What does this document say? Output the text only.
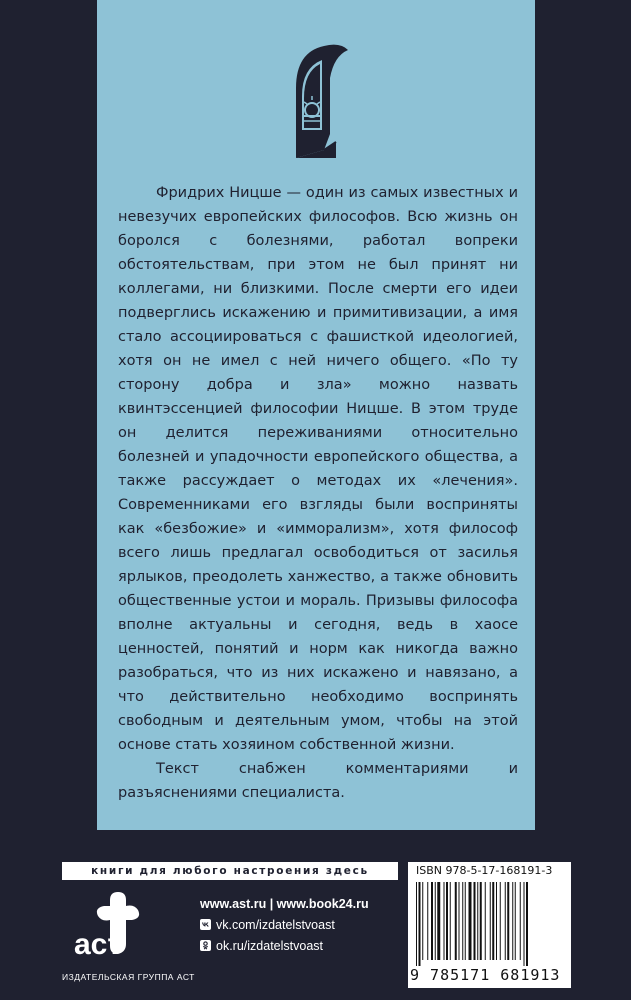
Фридрих Ницше — один из самых известных и невезучих европейских философов. Всю жизнь он боролся с болезнями, работал вопреки обстоятельствам, при этом не был принят ни коллегами, ни близкими. После смерти его идеи подверглись искажению и примитивизации, а имя стало ассоциироваться с фашисткой идеологией, хотя он не имел с ней ничего общего. «По ту сторону добра и зла» можно назвать квинтэссенцией философии Ницше. В этом труде он делится переживаниями относительно болезней и упадочности европейского общества, а также рассуждает о методах их «лечения». Современниками его взгляды были восприняты как «безбожие» и «имморализм», хотя философ всего лишь предлагал освободиться от засилья ярлыков, преодолеть ханжество, а также обновить общественные устои и мораль. Призывы философа вполне актуальны и сегодня, ведь в хаосе ценностей, понятий и норм как никогда важно разобраться, что из них искажено и навязано, а что действительно необходимо воспринять свободным и деятельным умом, чтобы на этой основе стать хозяином собственной жизни.

Текст снабжен комментариями и разъяснениями специалиста.

книги для любого настроения здесь	ISBN 978-5-17-168191-3
9 785171 681913
аст
ИЗДАТЕЛЬСКАЯ ГРУППА АСТ
www.ast.ru | www.book24.ru
vk.com/izdatelstvoast
ok.ru/izdatelstvoast
